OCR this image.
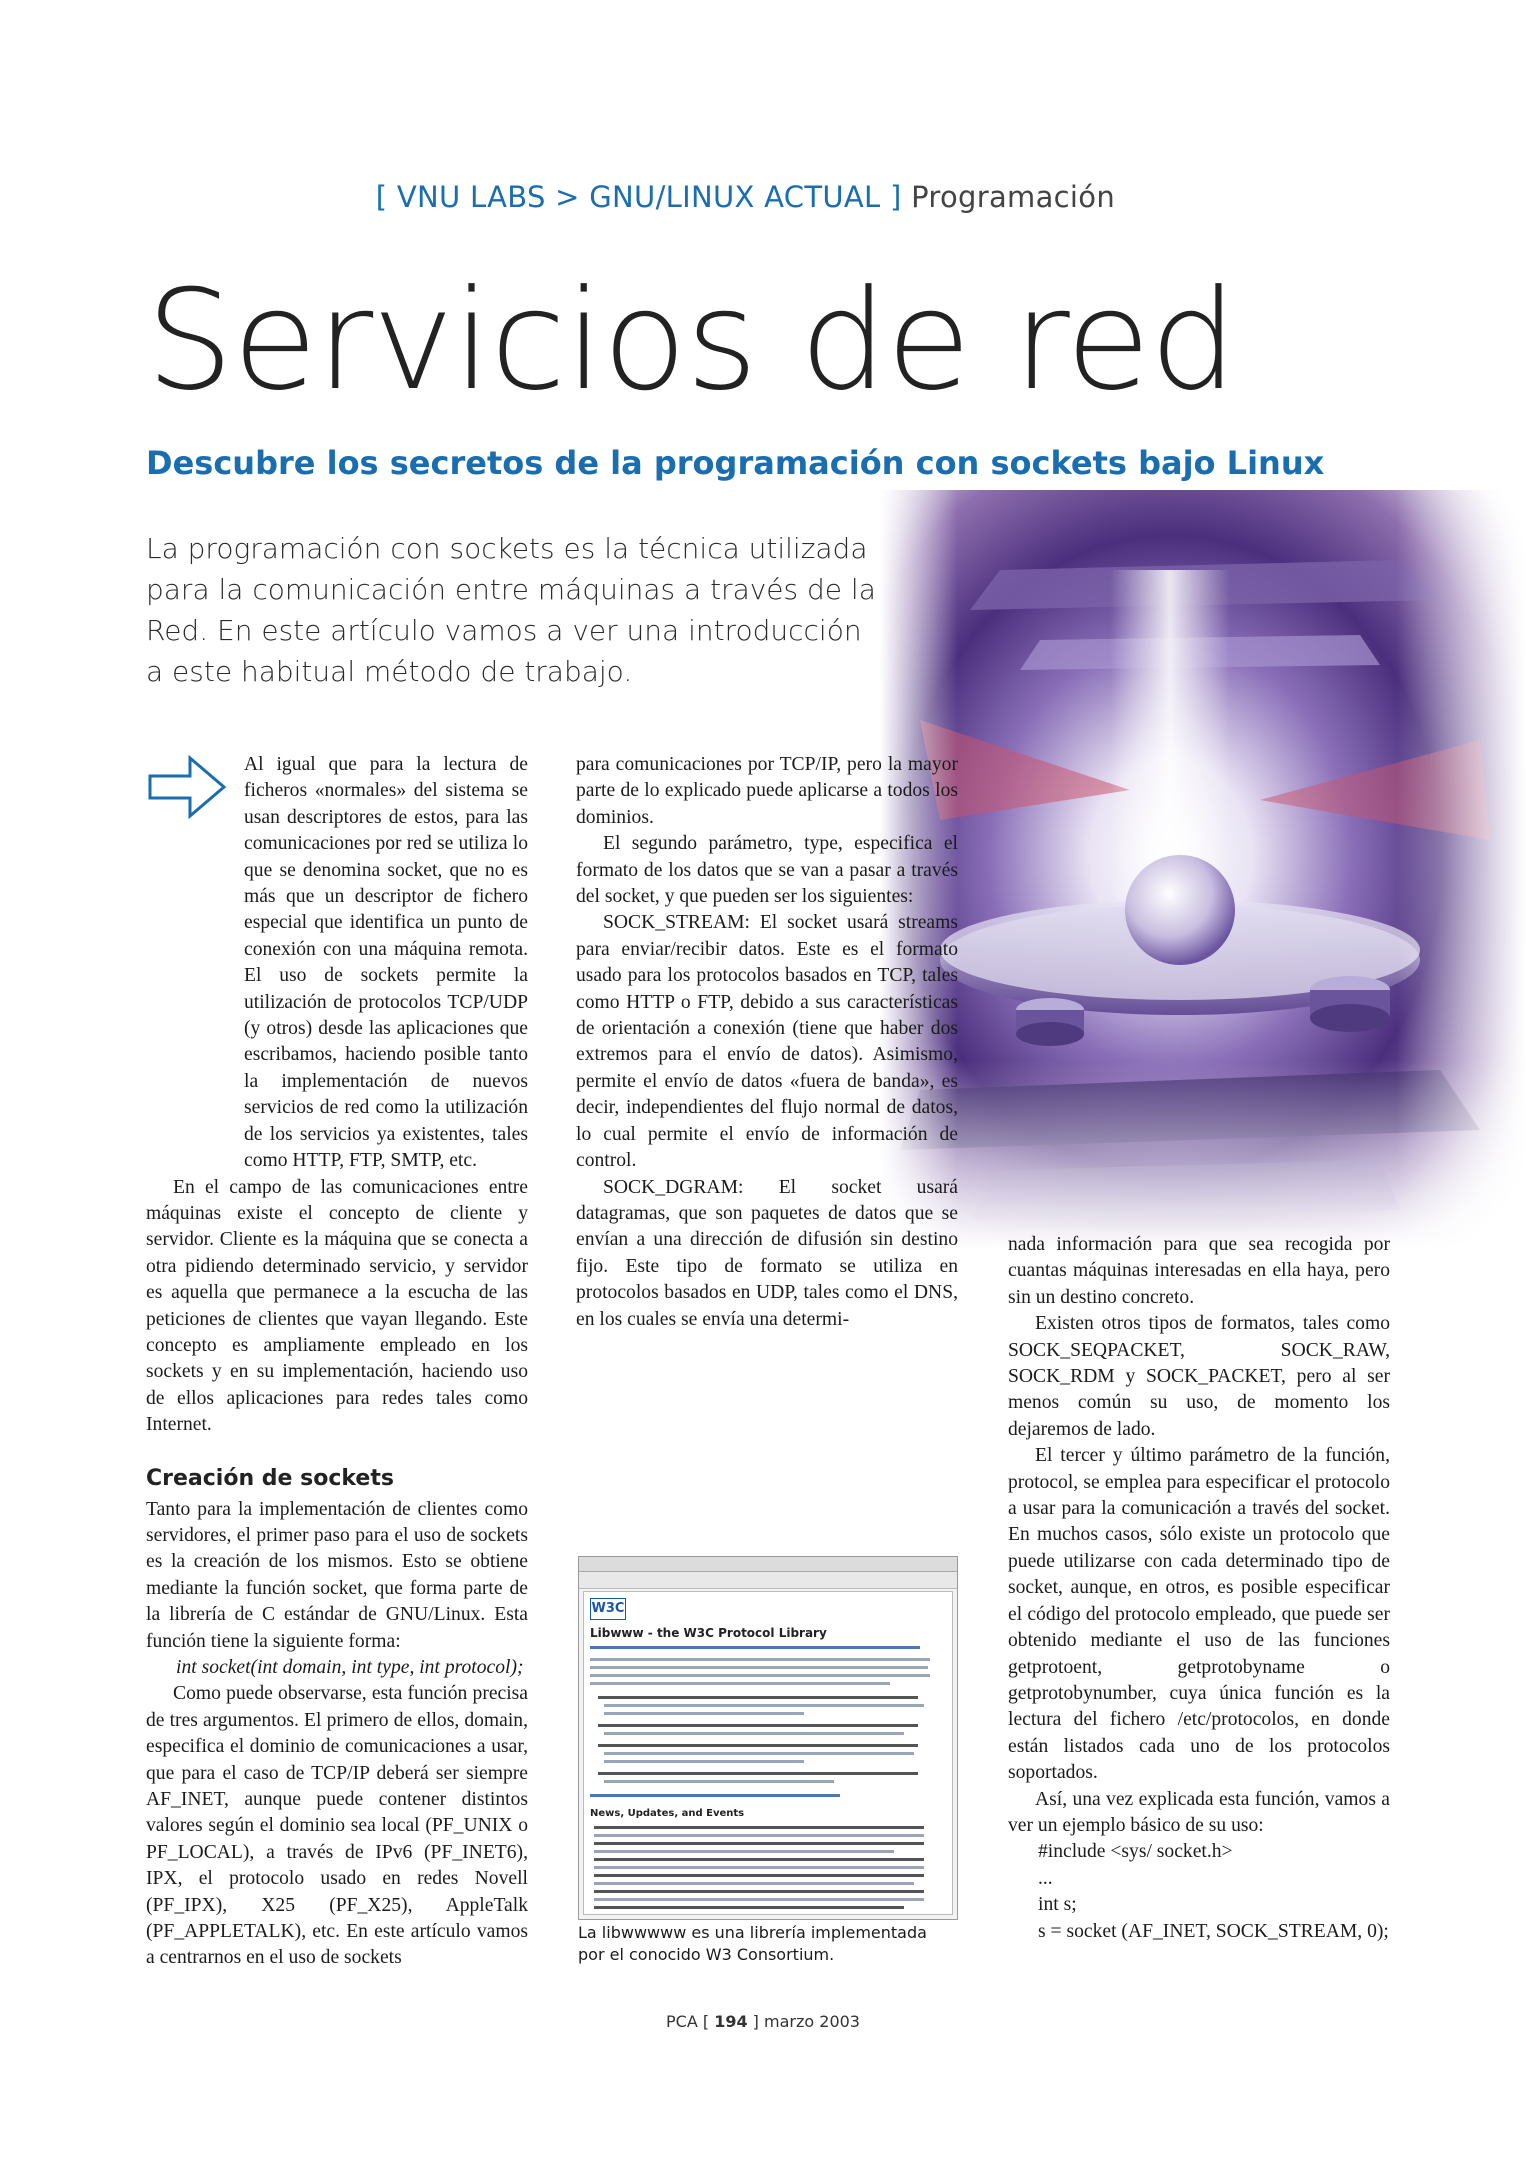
[ VNU LABS > GNU/LINUX ACTUAL ] Programación
Servicios de red
Descubre los secretos de la programación con sockets bajo Linux
La programación con sockets es la técnica utilizada para la comunicación entre máquinas a través de la Red. En este artículo vamos a ver una introducción a este habitual método de trabajo.

Al igual que para la lectura de ficheros «normales» del sistema se usan descriptores de estos, para las comunicaciones por red se utiliza lo que se denomina socket, que no es más que un descriptor de fichero especial que identifica un punto de conexión con una máquina remota. El uso de sockets permite la utilización de protocolos TCP/UDP (y otros) desde las aplicaciones que escribamos, haciendo posible tanto la implementación de nuevos servicios de red como la utilización de los servicios ya existentes, tales como HTTP, FTP, SMTP, etc.

En el campo de las comunicaciones entre máquinas existe el concepto de cliente y servidor. Cliente es la máquina que se conecta a otra pidiendo determinado servicio, y servidor es aquella que permanece a la escucha de las peticiones de clientes que vayan llegando. Este concepto es ampliamente empleado en los sockets y en su implementación, haciendo uso de ellos aplicaciones para redes tales como Internet.

Creación de sockets

Tanto para la implementación de clientes como servidores, el primer paso para el uso de sockets es la creación de los mismos. Esto se obtiene mediante la función socket, que forma parte de la librería de C estándar de GNU/Linux. Esta función tiene la siguiente forma:

int socket(int domain, int type, int protocol);

Como puede observarse, esta función precisa de tres argumentos. El primero de ellos, domain, especifica el dominio de comunicaciones a usar, que para el caso de TCP/IP deberá ser siempre AF_INET, aunque puede contener distintos valores según el dominio sea local (PF_UNIX o PF_LOCAL), a través de IPv6 (PF_INET6), IPX, el protocolo usado en redes Novell (PF_IPX), X25 (PF_X25), AppleTalk (PF_APPLETALK), etc. En este artículo vamos a centrarnos en el uso de sockets

para comunicaciones por TCP/IP, pero la mayor parte de lo explicado puede aplicarse a todos los dominios.

El segundo parámetro, type, especifica el formato de los datos que se van a pasar a través del socket, y que pueden ser los siguientes:

SOCK_STREAM: El socket usará streams para enviar/recibir datos. Este es el formato usado para los protocolos basados en TCP, tales como HTTP o FTP, debido a sus características de orientación a conexión (tiene que haber dos extremos para el envío de datos). Asimismo, permite el envío de datos «fuera de banda», es decir, independientes del flujo normal de datos, lo cual permite el envío de información de control.

SOCK_DGRAM: El socket usará datagramas, que son paquetes de datos que se envían a una dirección de difusión sin destino fijo. Este tipo de formato se utiliza en protocolos basados en UDP, tales como el DNS, en los cuales se envía una determi-

W3C
Libwww - the W3C Protocol Library
News, Updates, and Events
La libwwwww es una librería implementada por el conocido W3 Consortium.

nada información para que sea recogida por cuantas máquinas interesadas en ella haya, pero sin un destino concreto.

Existen otros tipos de formatos, tales como SOCK_SEQPACKET, SOCK_RAW, SOCK_RDM y SOCK_PACKET, pero al ser menos común su uso, de momento los dejaremos de lado.

El tercer y último parámetro de la función, protocol, se emplea para especificar el protocolo a usar para la comunicación a través del socket. En muchos casos, sólo existe un protocolo que puede utilizarse con cada determinado tipo de socket, aunque, en otros, es posible especificar el código del protocolo empleado, que puede ser obtenido mediante el uso de las funciones getprotoent, getprotobyname o getprotobynumber, cuya única función es la lectura del fichero /etc/protocolos, en donde están listados cada uno de los protocolos soportados.

Así, una vez explicada esta función, vamos a ver un ejemplo básico de su uso:

#include <sys/ socket.h>

...

int s;

s = socket (AF_INET, SOCK_STREAM, 0);

PCA [ 194 ] marzo 2003
